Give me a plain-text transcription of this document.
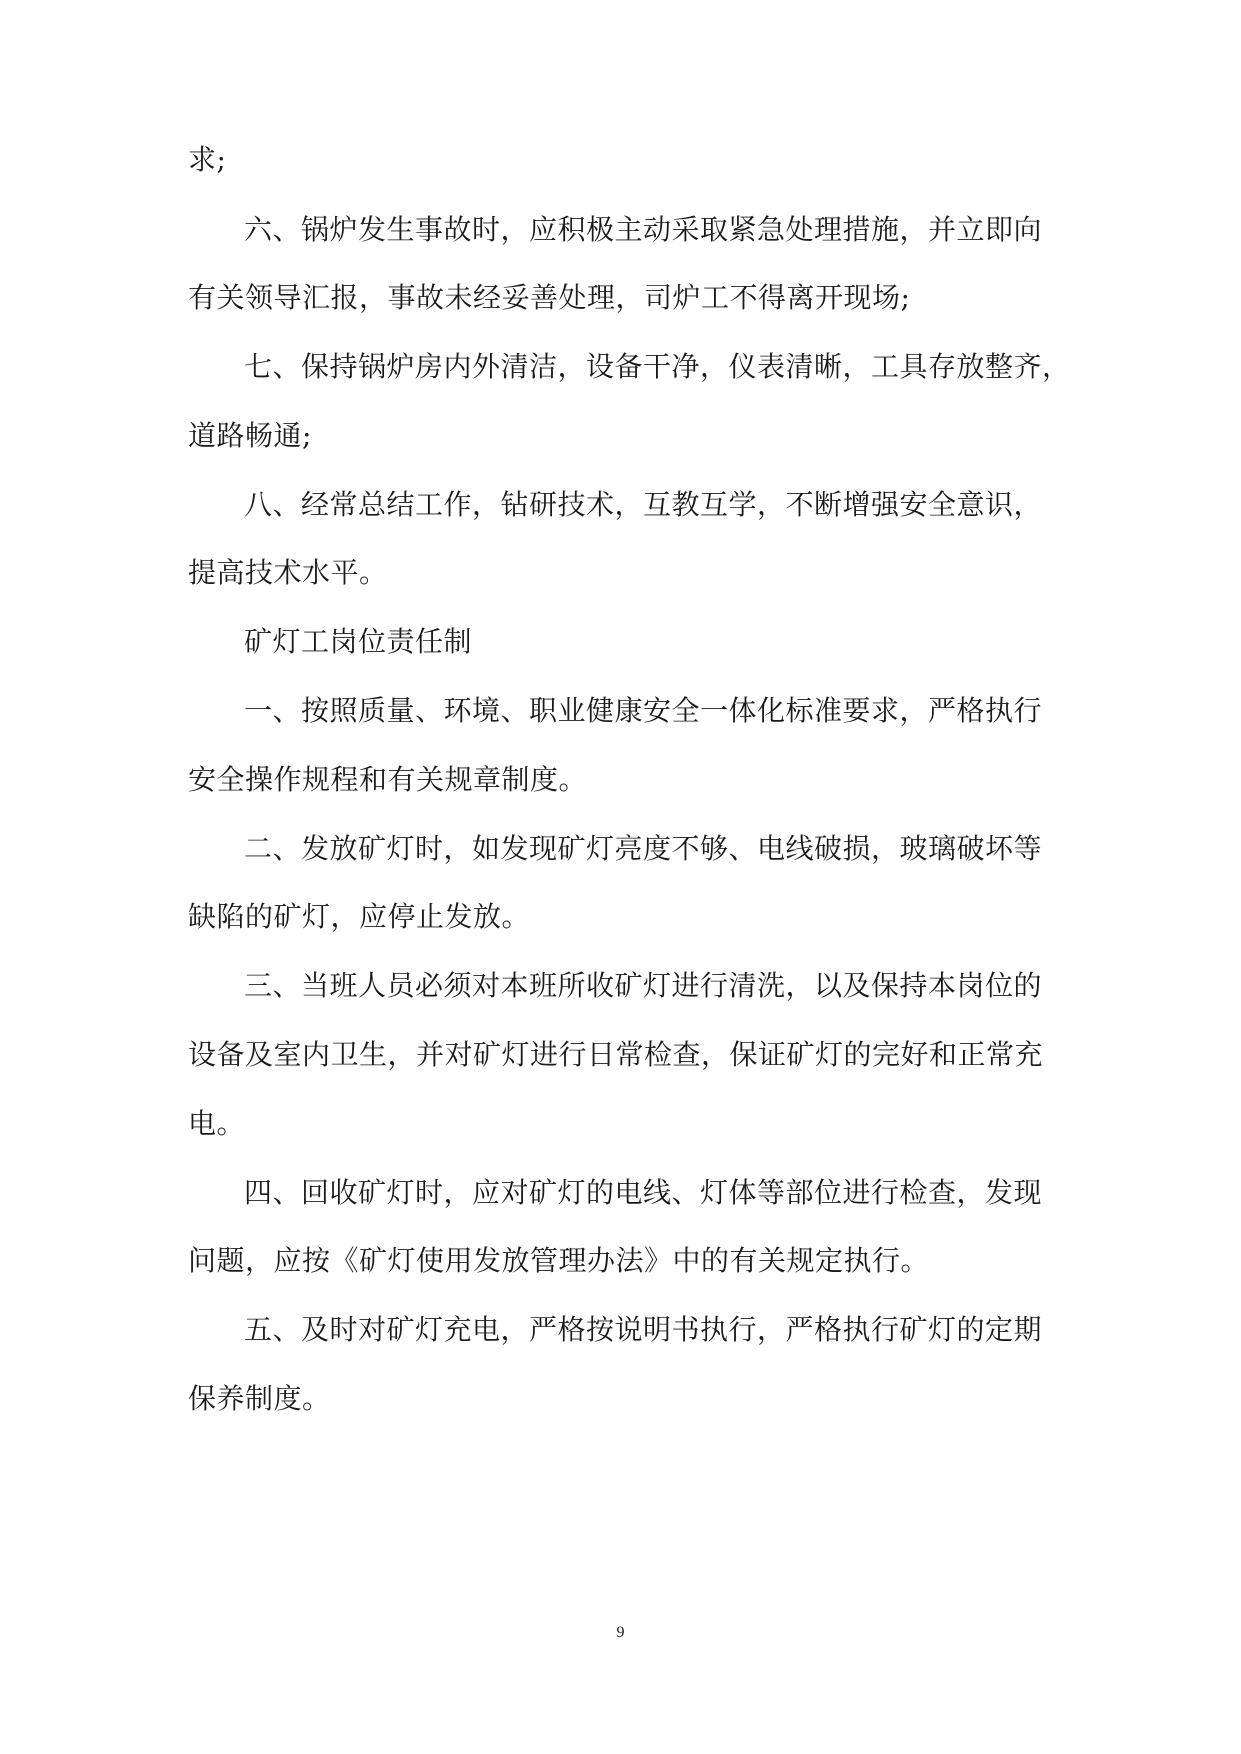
求;
六、锅炉发生事故时，应积极主动采取紧急处理措施，并立即向
有关领导汇报，事故未经妥善处理，司炉工不得离开现场;
七、保持锅炉房内外清洁，设备干净，仪表清晰，工具存放整齐，
道路畅通;
八、经常总结工作，钻研技术，互教互学，不断增强安全意识，
提高技术水平。
矿灯工岗位责任制
一、按照质量、环境、职业健康安全一体化标准要求，严格执行
安全操作规程和有关规章制度。
二、发放矿灯时，如发现矿灯亮度不够、电线破损，玻璃破坏等
缺陷的矿灯，应停止发放。
三、当班人员必须对本班所收矿灯进行清洗，以及保持本岗位的
设备及室内卫生，并对矿灯进行日常检查，保证矿灯的完好和正常充
电。
四、回收矿灯时，应对矿灯的电线、灯体等部位进行检查，发现
问题，应按《矿灯使用发放管理办法》中的有关规定执行。
五、及时对矿灯充电，严格按说明书执行，严格执行矿灯的定期
保养制度。
9
